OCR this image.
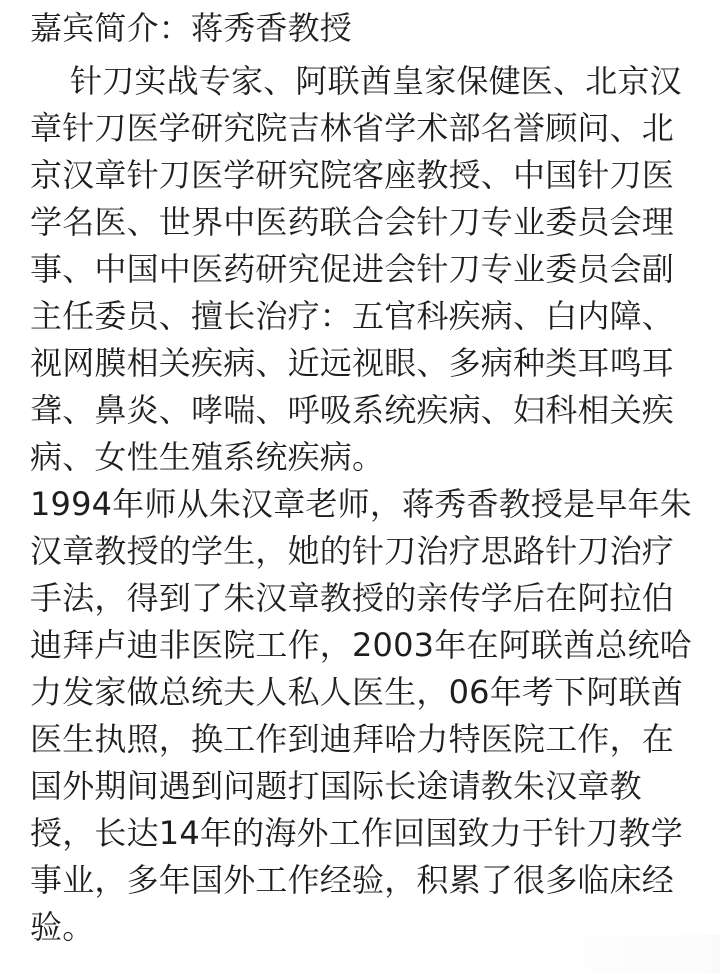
嘉宾简介：蒋秀香教授
针刀实战专家、阿联酋皇家保健医、北京汉
章针刀医学研究院吉林省学术部名誉顾问、北
京汉章针刀医学研究院客座教授、中国针刀医
学名医、世界中医药联合会针刀专业委员会理
事、中国中医药研究促进会针刀专业委员会副
主任委员、擅长治疗：五官科疾病、白内障、
视网膜相关疾病、近远视眼、多病种类耳鸣耳
聋、鼻炎、哮喘、呼吸系统疾病、妇科相关疾
病、女性生殖系统疾病。
1994年师从朱汉章老师，蒋秀香教授是早年朱
汉章教授的学生，她的针刀治疗思路针刀治疗
手法，得到了朱汉章教授的亲传学后在阿拉伯
迪拜卢迪非医院工作，2003年在阿联酋总统哈
力发家做总统夫人私人医生，06年考下阿联酋
医生执照，换工作到迪拜哈力特医院工作，在
国外期间遇到问题打国际长途请教朱汉章教
授，长达14年的海外工作回国致力于针刀教学
事业，多年国外工作经验，积累了很多临床经
验。
